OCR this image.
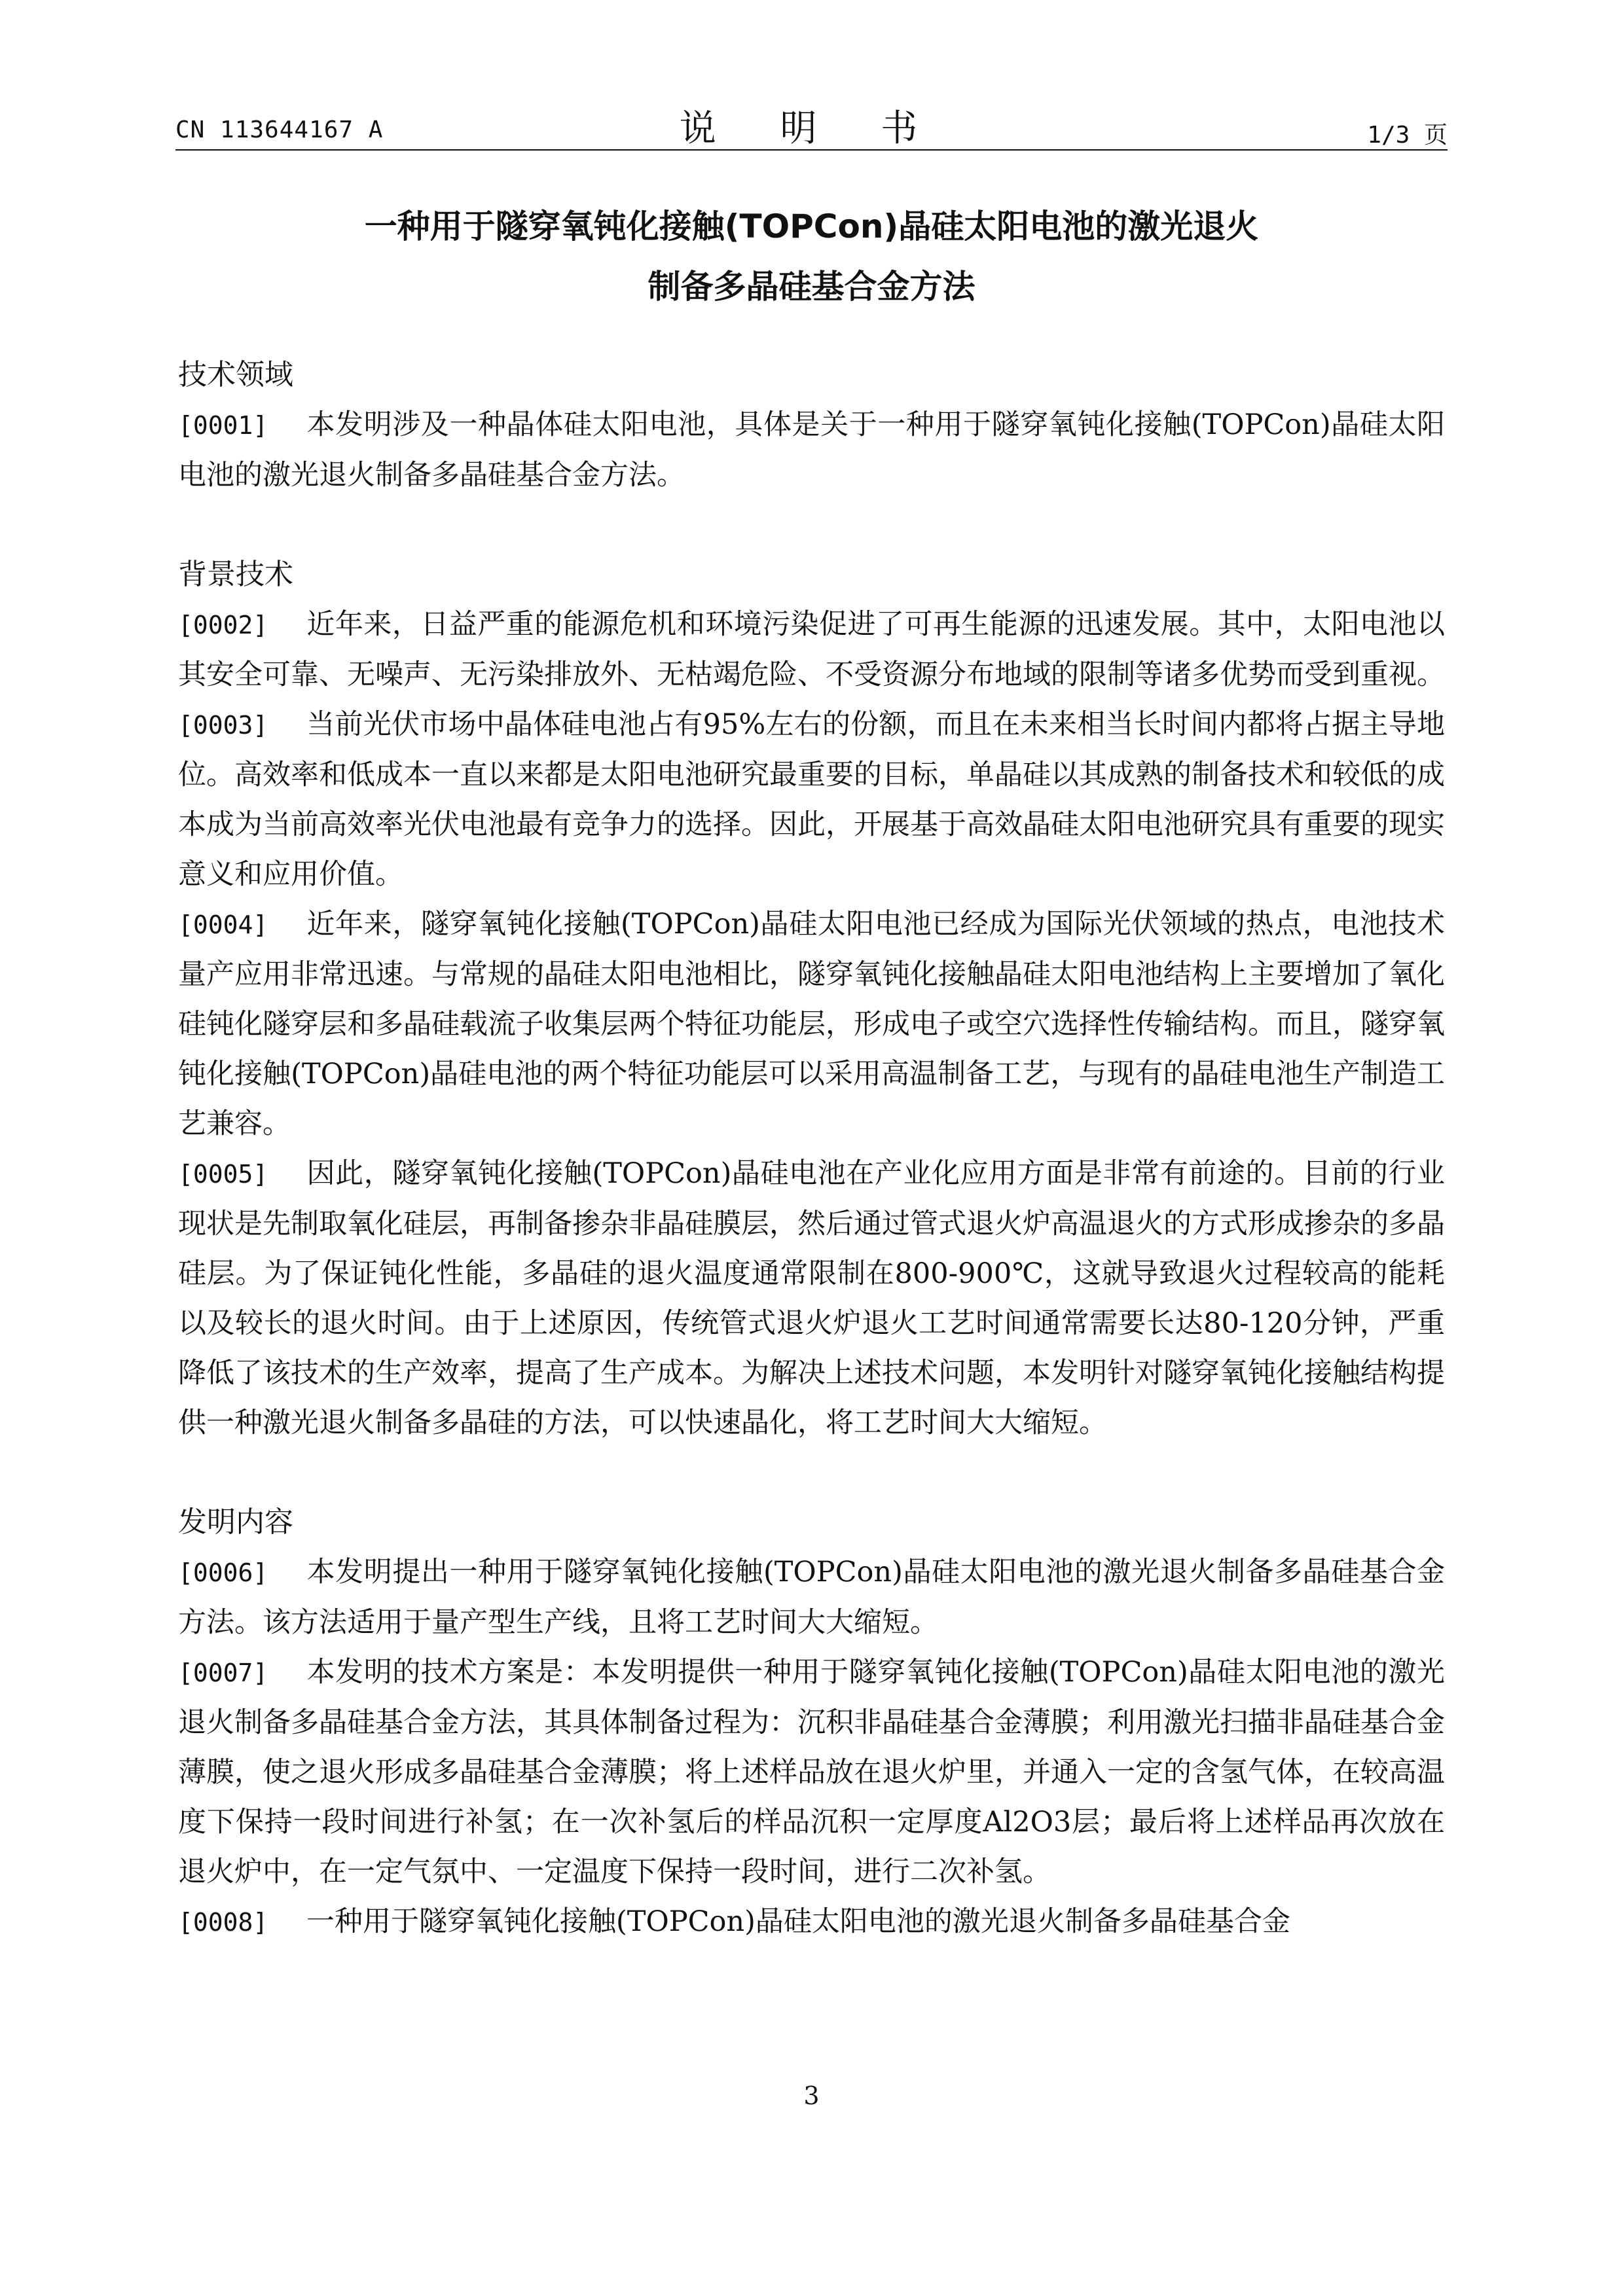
CN 113644167 A	说 明 书	1/3 页
一种用于隧穿氧钝化接触(TOPCon)晶硅太阳电池的激光退火
制备多晶硅基合金方法
技术领域
[0001] 本发明涉及一种晶体硅太阳电池，具体是关于一种用于隧穿氧钝化接触(TOPCon)晶硅太阳电池的激光退火制备多晶硅基合金方法。
背景技术
[0002] 近年来，日益严重的能源危机和环境污染促进了可再生能源的迅速发展。其中，太阳电池以其安全可靠、无噪声、无污染排放外、无枯竭危险、不受资源分布地域的限制等诸多优势而受到重视。
[0003] 当前光伏市场中晶体硅电池占有95%左右的份额，而且在未来相当长时间内都将占据主导地位。高效率和低成本一直以来都是太阳电池研究最重要的目标，单晶硅以其成熟的制备技术和较低的成本成为当前高效率光伏电池最有竞争力的选择。因此，开展基于高效晶硅太阳电池研究具有重要的现实意义和应用价值。
[0004] 近年来，隧穿氧钝化接触(TOPCon)晶硅太阳电池已经成为国际光伏领域的热点，电池技术量产应用非常迅速。与常规的晶硅太阳电池相比，隧穿氧钝化接触晶硅太阳电池结构上主要增加了氧化硅钝化隧穿层和多晶硅载流子收集层两个特征功能层，形成电子或空穴选择性传输结构。而且，隧穿氧钝化接触(TOPCon)晶硅电池的两个特征功能层可以采用高温制备工艺，与现有的晶硅电池生产制造工艺兼容。
[0005] 因此，隧穿氧钝化接触(TOPCon)晶硅电池在产业化应用方面是非常有前途的。目前的行业现状是先制取氧化硅层，再制备掺杂非晶硅膜层，然后通过管式退火炉高温退火的方式形成掺杂的多晶硅层。为了保证钝化性能，多晶硅的退火温度通常限制在800-900℃，这就导致退火过程较高的能耗以及较长的退火时间。由于上述原因，传统管式退火炉退火工艺时间通常需要长达80-120分钟，严重降低了该技术的生产效率，提高了生产成本。为解决上述技术问题，本发明针对隧穿氧钝化接触结构提供一种激光退火制备多晶硅的方法，可以快速晶化，将工艺时间大大缩短。
发明内容
[0006] 本发明提出一种用于隧穿氧钝化接触(TOPCon)晶硅太阳电池的激光退火制备多晶硅基合金方法。该方法适用于量产型生产线，且将工艺时间大大缩短。
[0007] 本发明的技术方案是：本发明提供一种用于隧穿氧钝化接触(TOPCon)晶硅太阳电池的激光退火制备多晶硅基合金方法，其具体制备过程为：沉积非晶硅基合金薄膜；利用激光扫描非晶硅基合金薄膜，使之退火形成多晶硅基合金薄膜；将上述样品放在退火炉里，并通入一定的含氢气体，在较高温度下保持一段时间进行补氢；在一次补氢后的样品沉积一定厚度Al2O3层；最后将上述样品再次放在退火炉中，在一定气氛中、一定温度下保持一段时间，进行二次补氢。
[0008] 一种用于隧穿氧钝化接触(TOPCon)晶硅太阳电池的激光退火制备多晶硅基合金
3
